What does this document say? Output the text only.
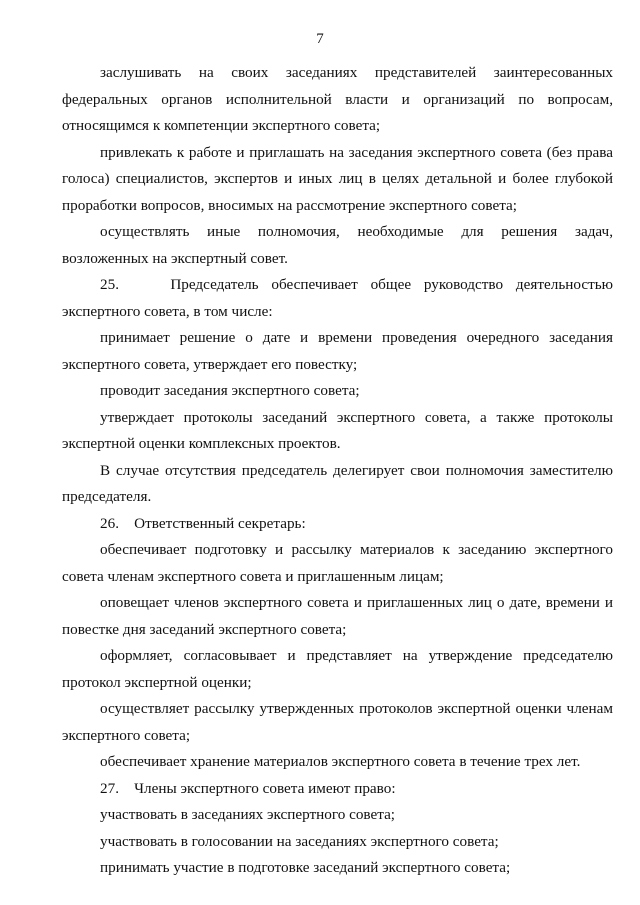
7

заслушивать на своих заседаниях представителей заинтересованных федеральных органов исполнительной власти и организаций по вопросам, относящимся к компетенции экспертного совета;

привлекать к работе и приглашать на заседания экспертного совета (без права голоса) специалистов, экспертов и иных лиц в целях детальной и более глубокой проработки вопросов, вносимых на рассмотрение экспертного совета;

осуществлять иные полномочия, необходимые для решения задач, возложенных на экспертный совет.

25.    Председатель обеспечивает общее руководство деятельностью экспертного совета, в том числе:

принимает решение о дате и времени проведения очередного заседания экспертного совета, утверждает его повестку;

проводит заседания экспертного совета;

утверждает протоколы заседаний экспертного совета, а также протоколы экспертной оценки комплексных проектов.

В случае отсутствия председатель делегирует свои полномочия заместителю председателя.

26.    Ответственный секретарь:

обеспечивает подготовку и рассылку материалов к заседанию экспертного совета членам экспертного совета и приглашенным лицам;

оповещает членов экспертного совета и приглашенных лиц о дате, времени и повестке дня заседаний экспертного совета;

оформляет, согласовывает и представляет на утверждение председателю протокол экспертной оценки;

осуществляет рассылку утвержденных протоколов экспертной оценки членам экспертного совета;

обеспечивает хранение материалов экспертного совета в течение трех лет.

27.    Члены экспертного совета имеют право:

участвовать в заседаниях экспертного совета;

участвовать в голосовании на заседаниях экспертного совета;

принимать участие в подготовке заседаний экспертного совета;
